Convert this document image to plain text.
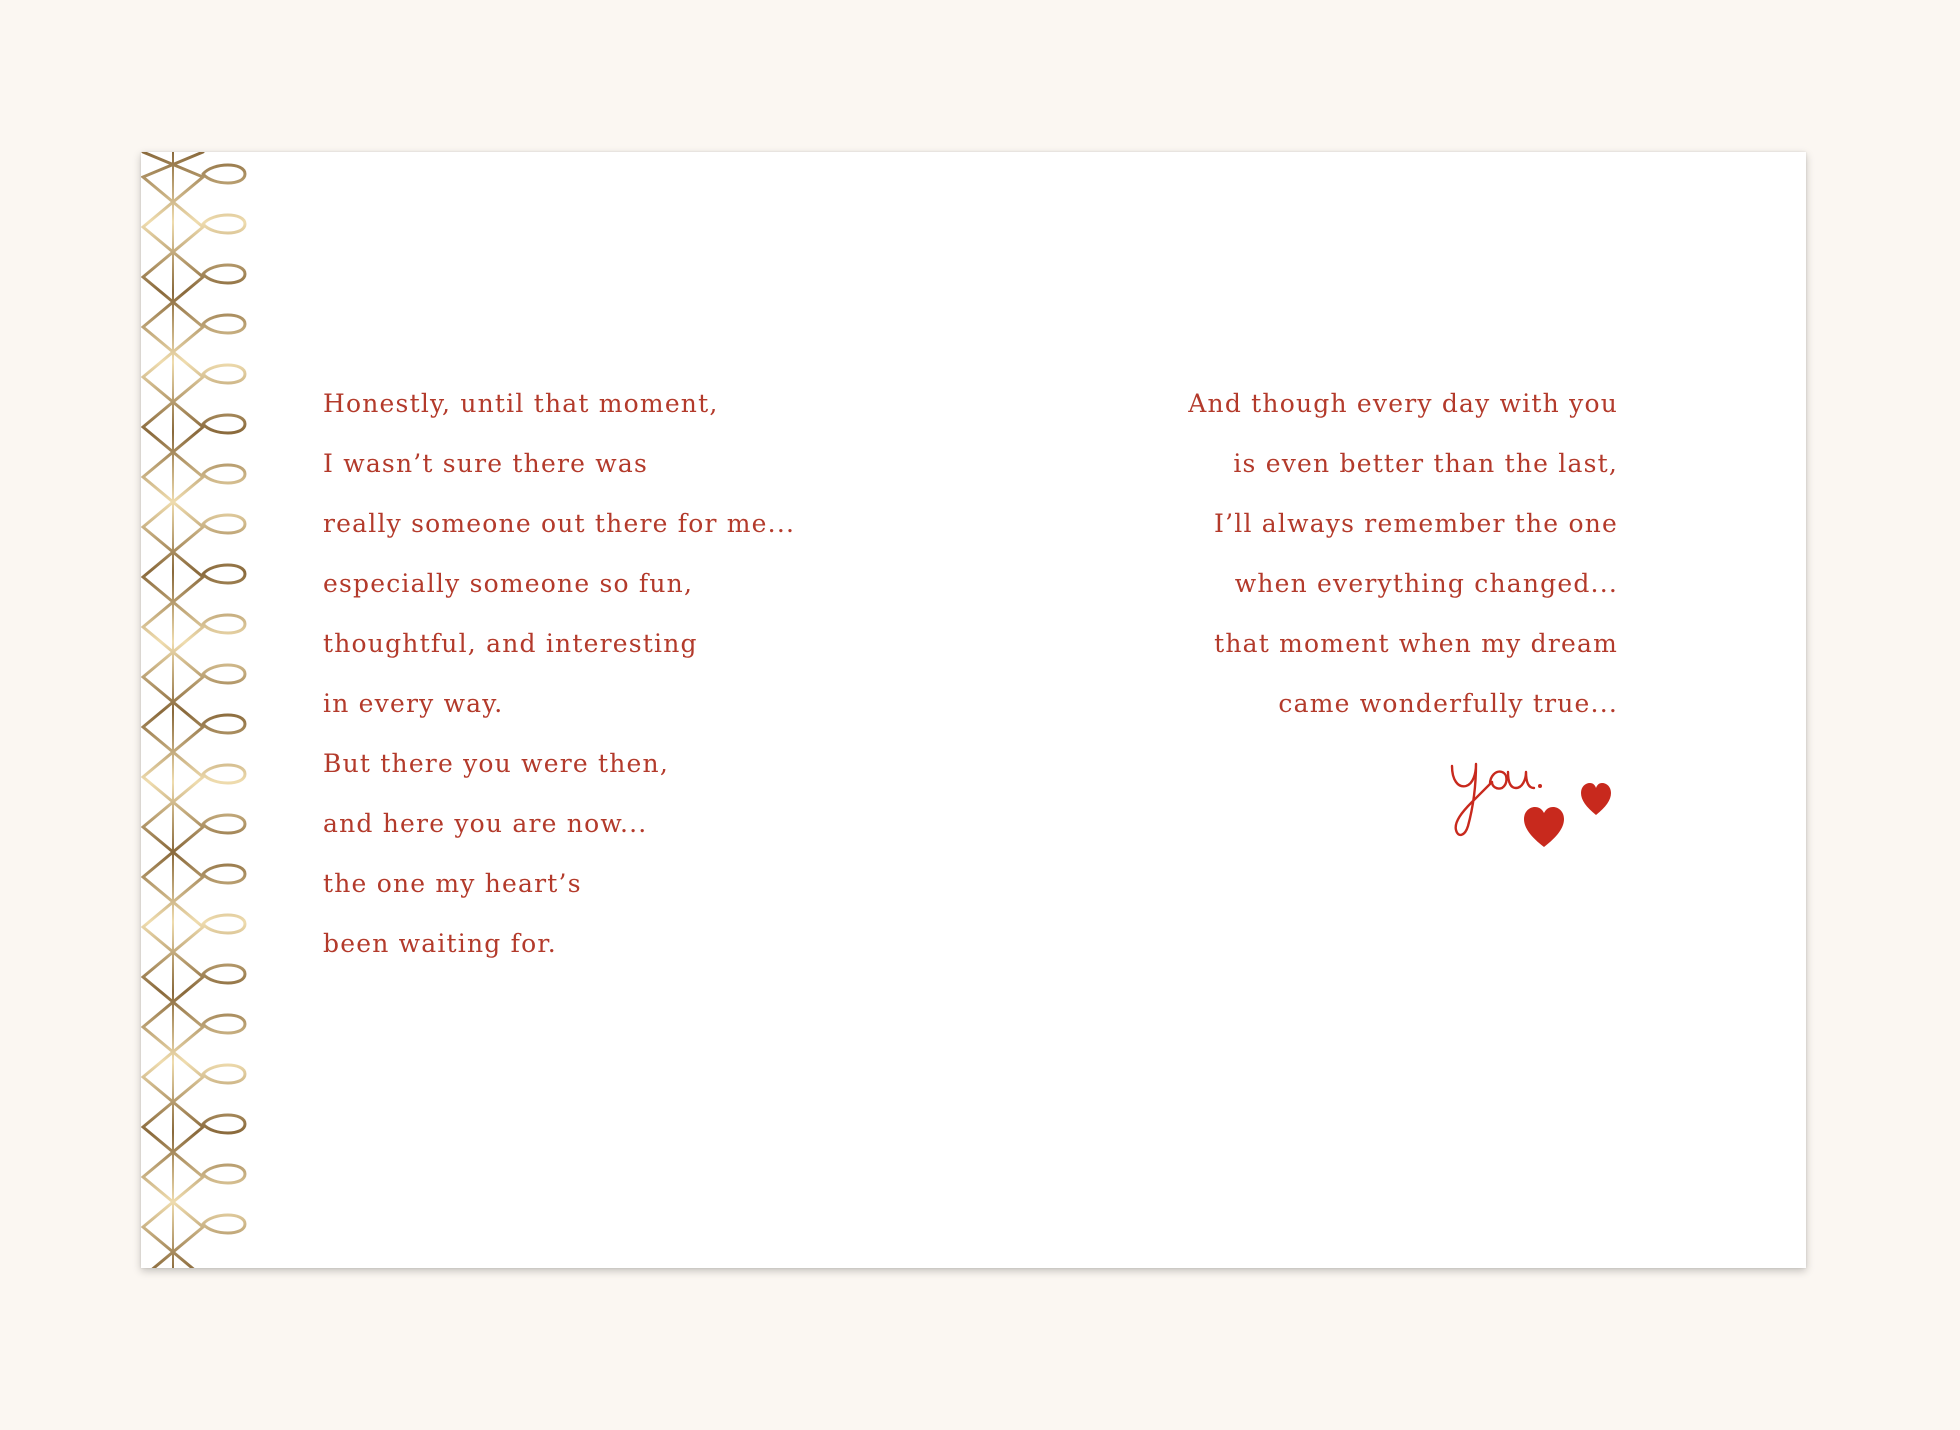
Honestly, until that moment,
I wasn’t sure there was
really someone out there for me...
especially someone so fun,
thoughtful, and interesting
in every way.
But there you were then,
and here you are now...
the one my heart’s
been waiting for.
And though every day with you
is even better than the last,
I’ll always remember the one
when everything changed...
that moment when my dream
came wonderfully true...
